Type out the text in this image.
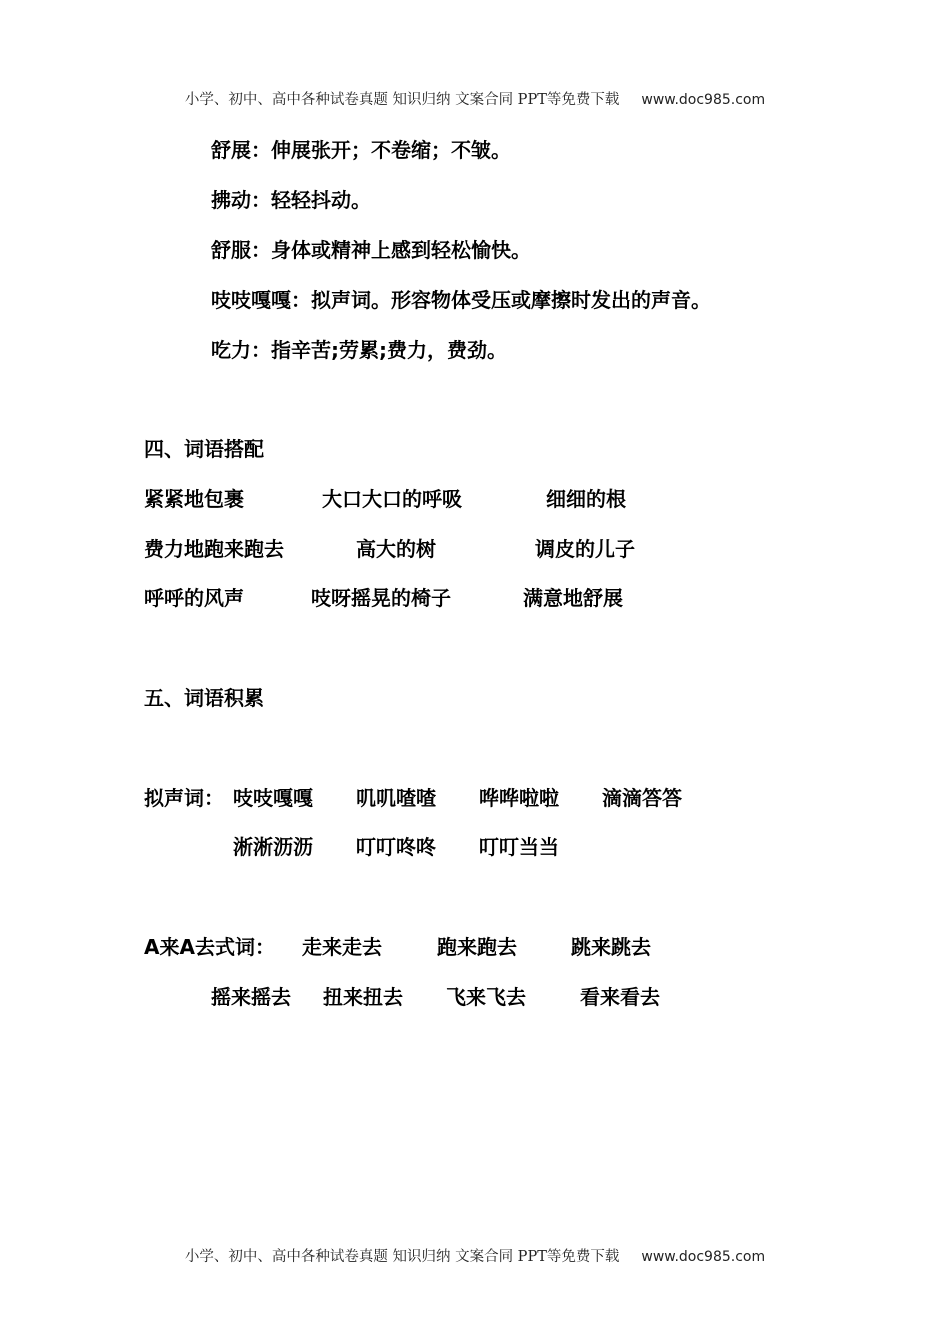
小学、初中、高中各种试卷真题 知识归纳 文案合同 PPT等免费下载 www.doc985.com
舒展：伸展张开；不卷缩；不皱。
拂动：轻轻抖动。
舒服：身体或精神上感到轻松愉快。
吱吱嘎嘎：拟声词。形容物体受压或摩擦时发出的声音。
吃力：指辛苦;劳累;费力，费劲。
四、词语搭配
紧紧地包裹	大口大口的呼吸	细细的根
费力地跑来跑去	高大的树	调皮的儿子
呼呼的风声	吱呀摇晃的椅子	满意地舒展
五、词语积累
拟声词： 吱吱嘎嘎 叽叽喳喳 哗哗啦啦 滴滴答答
淅淅沥沥 叮叮咚咚 叮叮当当
A来A去式词： 走来走去	跑来跑去	跳来跳去
摇来摇去 扭来扭去 飞来飞去	看来看去
小学、初中、高中各种试卷真题 知识归纳 文案合同 PPT等免费下载 www.doc985.com
